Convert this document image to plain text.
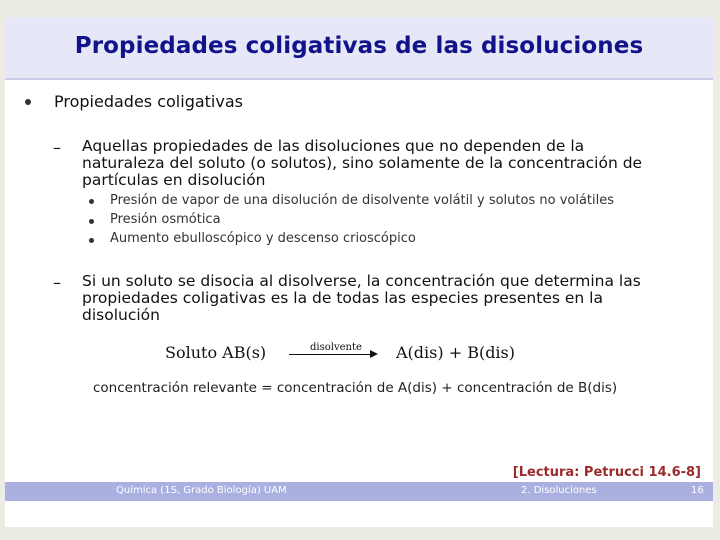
Propiedades coligativas de las disoluciones
Propiedades coligativas
– Aquellas propiedades de las disoluciones que no dependen de la
naturaleza del soluto (o solutos), sino solamente de la concentración de
partículas en disolución
Presión de vapor de una disolución de disolvente volátil y solutos no volátiles
Presión osmótica
Aumento ebulloscópico y descenso crioscópico
– Si un soluto se disocia al disolverse, la concentración que determina las
propiedades coligativas es la de todas las especies presentes en la
disolución
Soluto AB(s)	disolvente A(dis) + B(dis)
concentración relevante = concentración de A(dis) + concentración de B(dis)
[Lectura: Petrucci 14.6-8]
Química (1S, Grado Biología) UAM	2. Disoluciones	16
